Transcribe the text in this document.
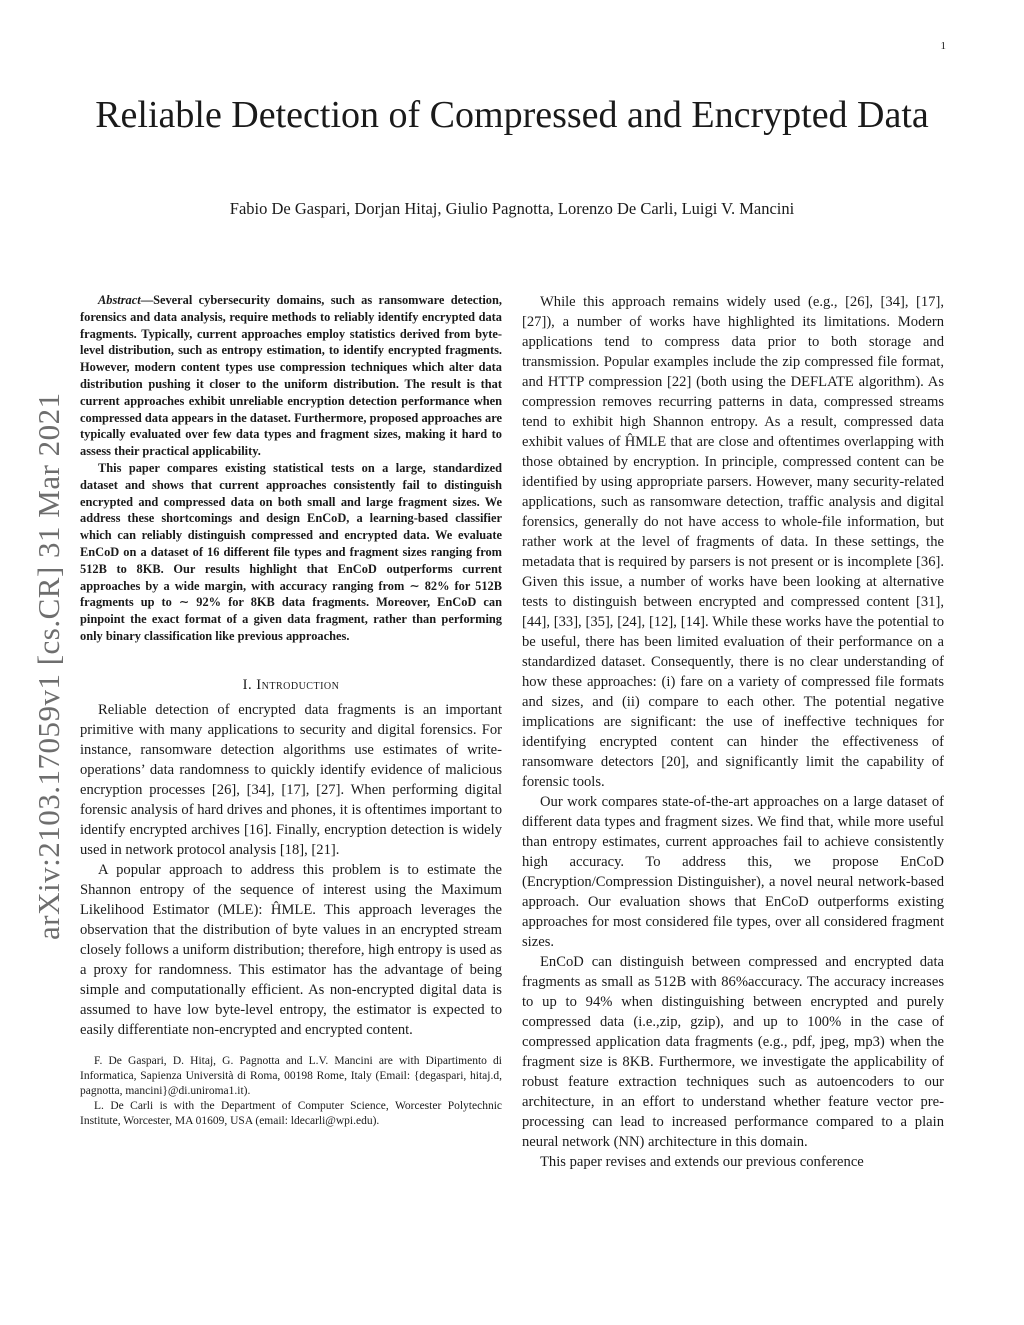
1
arXiv:2103.17059v1 [cs.CR] 31 Mar 2021
Reliable Detection of Compressed and Encrypted Data
Fabio De Gaspari, Dorjan Hitaj, Giulio Pagnotta, Lorenzo De Carli, Luigi V. Mancini

Abstract—Several cybersecurity domains, such as ransomware detection, forensics and data analysis, require methods to reliably identify encrypted data fragments. Typically, current approaches employ statistics derived from byte-level distribution, such as entropy estimation, to identify encrypted fragments. However, modern content types use compression techniques which alter data distribution pushing it closer to the uniform distribution. The result is that current approaches exhibit unreliable encryption detection performance when compressed data appears in the dataset. Furthermore, proposed approaches are typically evaluated over few data types and fragment sizes, making it hard to assess their practical applicability.

This paper compares existing statistical tests on a large, standardized dataset and shows that current approaches consistently fail to distinguish encrypted and compressed data on both small and large fragment sizes. We address these shortcomings and design EnCoD, a learning-based classifier which can reliably distinguish compressed and encrypted data. We evaluate EnCoD on a dataset of 16 different file types and fragment sizes ranging from 512B to 8KB. Our results highlight that EnCoD outperforms current approaches by a wide margin, with accuracy ranging from ∼ 82% for 512B fragments up to ∼ 92% for 8KB data fragments. Moreover, EnCoD can pinpoint the exact format of a given data fragment, rather than performing only binary classification like previous approaches.

I. Introduction

Reliable detection of encrypted data fragments is an important primitive with many applications to security and digital forensics. For instance, ransomware detection algorithms use estimates of write-operations’ data randomness to quickly identify evidence of malicious encryption processes [26], [34], [17], [27]. When performing digital forensic analysis of hard drives and phones, it is oftentimes important to identify encrypted archives [16]. Finally, encryption detection is widely used in network protocol analysis [18], [21].

A popular approach to address this problem is to estimate the Shannon entropy of the sequence of interest using the Maximum Likelihood Estimator (MLE): ĤMLE. This approach leverages the observation that the distribution of byte values in an encrypted stream closely follows a uniform distribution; therefore, high entropy is used as a proxy for randomness. This estimator has the advantage of being simple and computationally efficient. As non-encrypted digital data is assumed to have low byte-level entropy, the estimator is expected to easily differentiate non-encrypted and encrypted content.

F. De Gaspari, D. Hitaj, G. Pagnotta and L.V. Mancini are with Dipartimento di Informatica, Sapienza Università di Roma, 00198 Rome, Italy (Email: {degaspari, hitaj.d, pagnotta, mancini}@di.uniroma1.it).

L. De Carli is with the Department of Computer Science, Worcester Polytechnic Institute, Worcester, MA 01609, USA (email: ldecarli@wpi.edu).

While this approach remains widely used (e.g., [26], [34], [17], [27]), a number of works have highlighted its limitations. Modern applications tend to compress data prior to both storage and transmission. Popular examples include the zip compressed file format, and HTTP compression [22] (both using the DEFLATE algorithm). As compression removes recurring patterns in data, compressed streams tend to exhibit high Shannon entropy. As a result, compressed data exhibit values of ĤMLE that are close and oftentimes overlapping with those obtained by encryption. In principle, compressed content can be identified by using appropriate parsers. However, many security-related applications, such as ransomware detection, traffic analysis and digital forensics, generally do not have access to whole-file information, but rather work at the level of fragments of data. In these settings, the metadata that is required by parsers is not present or is incomplete [36]. Given this issue, a number of works have been looking at alternative tests to distinguish between encrypted and compressed content [31], [44], [33], [35], [24], [12], [14]. While these works have the potential to be useful, there has been limited evaluation of their performance on a standardized dataset. Consequently, there is no clear understanding of how these approaches: (i) fare on a variety of compressed file formats and sizes, and (ii) compare to each other. The potential negative implications are significant: the use of ineffective techniques for identifying encrypted content can hinder the effectiveness of ransomware detectors [20], and significantly limit the capability of forensic tools.

Our work compares state-of-the-art approaches on a large dataset of different data types and fragment sizes. We find that, while more useful than entropy estimates, current approaches fail to achieve consistently high accuracy. To address this, we propose EnCoD (Encryption/Compression Distinguisher), a novel neural network-based approach. Our evaluation shows that EnCoD outperforms existing approaches for most considered file types, over all considered fragment sizes.

EnCoD can distinguish between compressed and encrypted data fragments as small as 512B with 86%accuracy. The accuracy increases to up to 94% when distinguishing between encrypted and purely compressed data (i.e.,zip, gzip), and up to 100% in the case of compressed application data fragments (e.g., pdf, jpeg, mp3) when the fragment size is 8KB. Furthermore, we investigate the applicability of robust feature extraction techniques such as autoencoders to our architecture, in an effort to understand whether feature vector pre-processing can lead to increased performance compared to a plain neural network (NN) architecture in this domain.

This paper revises and extends our previous conference
